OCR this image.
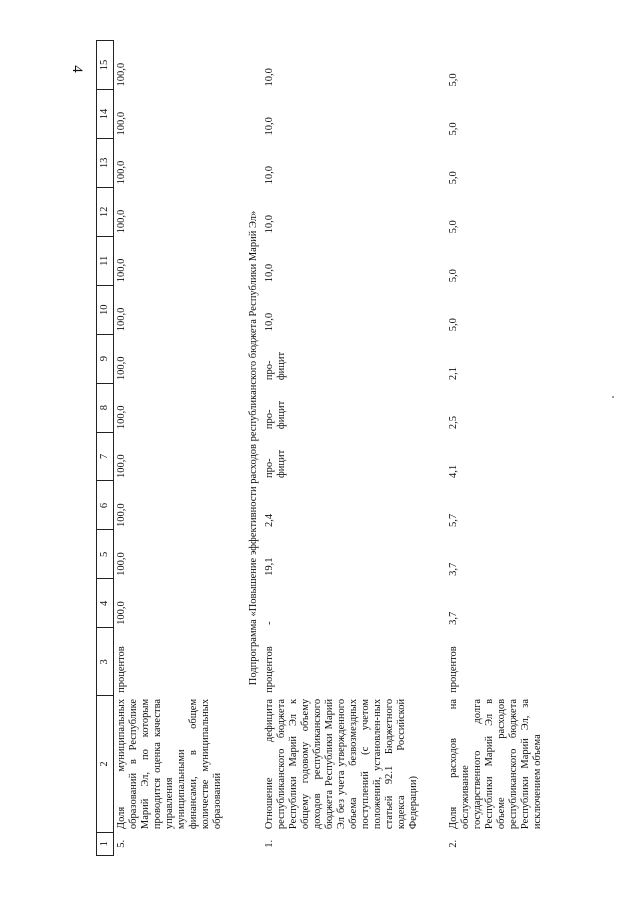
4
1	2	3	4	5	6	7	8	9	10	11	12	13	14	15
5.	Доля муниципальных образований в Республике Марий Эл, по которым проводится оценка качества управления муниципальными финансами, в общем количестве муниципальных образований	процентов	100,0	100,0	100,0	100,0	100,0	100,0	100,0	100,0	100,0	100,0	100,0	100,0
Подпрограмма «Повышение эффективности расходов республиканского бюджета Республики Марий Эл»														
1.	Отношение дефицита республиканского бюджета Республики Марий Эл к общему годовому объему доходов республиканского бюджета Республики Марий Эл без учета утвержденного объема безвозмездных поступлений (с учетом положений, установлен-ных статьей 92.1 Бюджетного кодекса Российской Федерации)	процентов	-	19,1	2,4	про-фицит	про-фицит	про-фицит	10,0	10,0	10,0	10,0	10,0	10,0
2.	Доля расходов на обслуживание государственного долга Республики Марий Эл в объеме расходов республиканского бюджета Республики Марий Эл, за исключением объема	процентов	3,7	3,7	5,7	4,1	2,5	2,1	5,0	5,0	5,0	5,0	5,0	5,0
